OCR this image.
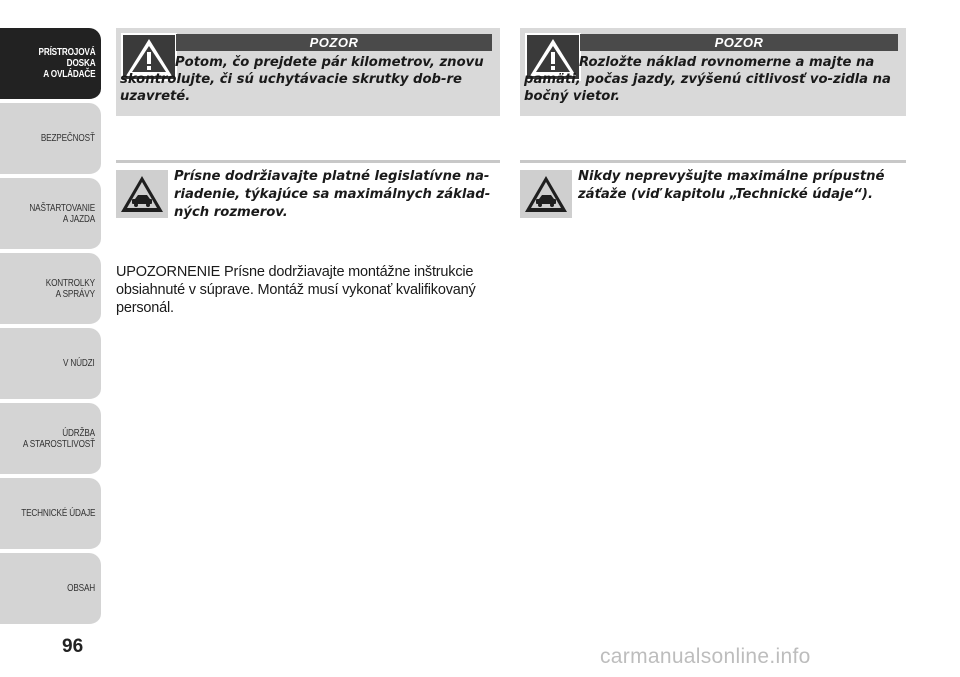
PRÍSTROJOVÁ
DOSKA
A OVLÁDAČE
BEZPEČNOSŤ
NAŠTARTOVANIE
A JAZDA
KONTROLKY
A SPRÁVY
V NÚDZI
ÚDRŽBA
A STAROSTLIVOSŤ
TECHNICKÉ ÚDAJE
OBSAH
96
POZOR
Potom, čo prejdete pár kilometrov, znovu skontrolujte, či sú uchytávacie skrutky dob-re uzavreté.
POZOR
Rozložte náklad rovnomerne a majte na pamäti, počas jazdy, zvýšenú citlivosť vo-zidla na bočný vietor.
Prísne dodržiavajte platné legislatívne na-riadenie, týkajúce sa maximálnych základ-ných rozmerov.
Nikdy neprevyšujte maximálne prípustné záťaže (viď kapitolu „Technické údaje“).

UPOZORNENIE Prísne dodržiavajte montážne inštrukcie obsiahnuté v súprave. Montáž musí vykonať kvalifikovaný personál.

carmanualsonline.info
